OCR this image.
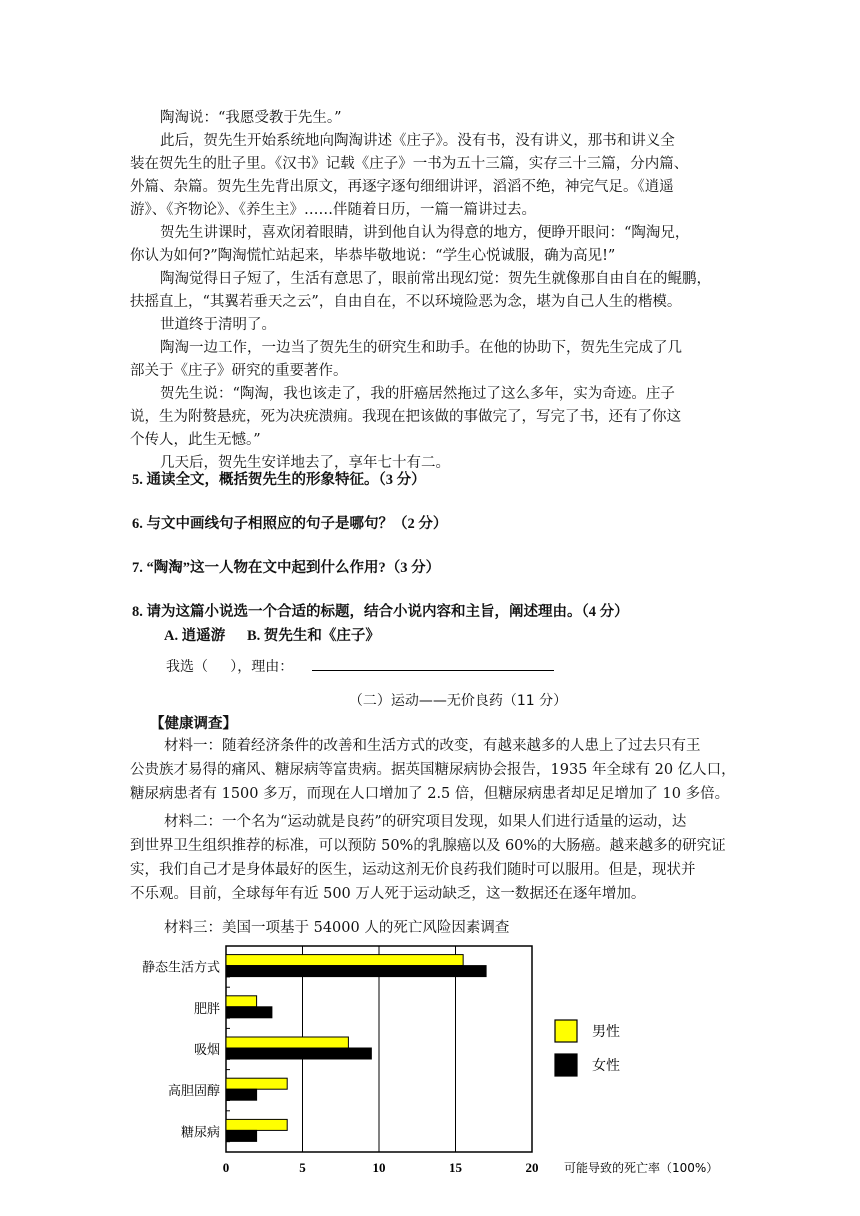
陶淘说：“我愿受教于先生。”
此后，贺先生开始系统地向陶淘讲述《庄子》。没有书，没有讲义，那书和讲义全
装在贺先生的肚子里。《汉书》记载《庄子》一书为五十三篇，实存三十三篇，分内篇、
外篇、杂篇。贺先生先背出原文，再逐字逐句细细讲评，滔滔不绝，神完气足。《逍遥
游》、《齐物论》、《养生主》……伴随着日历，一篇一篇讲过去。
贺先生讲课时，喜欢闭着眼睛，讲到他自认为得意的地方，便睁开眼问：“陶淘兄，
你认为如何?”陶淘慌忙站起来，毕恭毕敬地说：“学生心悦诚服，确为高见!”
陶淘觉得日子短了，生活有意思了，眼前常出现幻觉：贺先生就像那自由自在的鲲鹏，
扶摇直上，“其翼若垂天之云”，自由自在，不以环境险恶为念，堪为自己人生的楷模。
世道终于清明了。
陶淘一边工作，一边当了贺先生的研究生和助手。在他的协助下，贺先生完成了几
部关于《庄子》研究的重要著作。
贺先生说：“陶淘，我也该走了，我的肝癌居然拖过了这么多年，实为奇迹。庄子
说，生为附赘悬疣，死为决疣溃痈。我现在把该做的事做完了，写完了书，还有了你这
个传人，此生无憾。”
几天后，贺先生安详地去了，享年七十有二。
5. 通读全文，概括贺先生的形象特征。（3 分）
6. 与文中画线句子相照应的句子是哪句？（2 分）
7. “陶淘”这一人物在文中起到什么作用?（3 分）
8. 请为这篇小说选一个合适的标题，结合小说内容和主旨，阐述理由。（4 分）
A. 逍遥游      B. 贺先生和《庄子》
我选（     ），理由：
（二）运动——无价良药（11 分）
【健康调查】
材料一：随着经济条件的改善和生活方式的改变，有越来越多的人患上了过去只有王
公贵族才易得的痛风、糖尿病等富贵病。据英国糖尿病协会报告，1935 年全球有 20 亿人口，
糖尿病患者有 1500 多万，而现在人口增加了 2.5 倍，但糖尿病患者却足足增加了 10 多倍。
材料二：一个名为“运动就是良药”的研究项目发现，如果人们进行适量的运动，达
到世界卫生组织推荐的标准，可以预防 50%的乳腺癌以及 60%的大肠癌。越来越多的研究证
实，我们自己才是身体最好的医生，运动这剂无价良药我们随时可以服用。但是，现状并
不乐观。目前，全球每年有近 500 万人死于运动缺乏，这一数据还在逐年增加。
材料三：美国一项基于 54000 人的死亡风险因素调查
0	5	10	15	20
静态生活方式
肥胖
吸烟
高胆固醇
糖尿病
可能导致的死亡率（100%）
男性
女性
